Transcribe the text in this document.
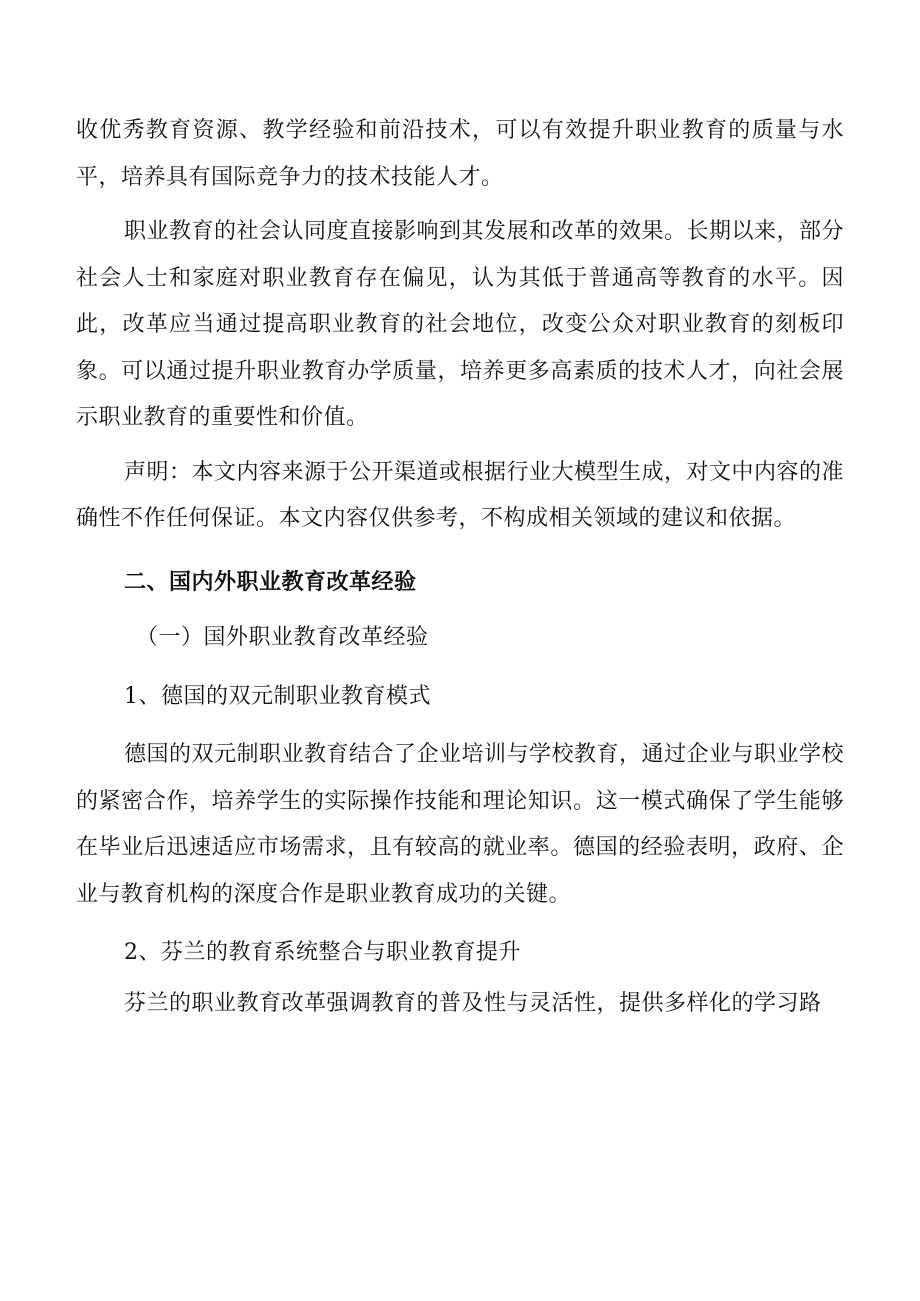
收优秀教育资源、教学经验和前沿技术，可以有效提升职业教育的质量与水平，培养具有国际竞争力的技术技能人才。

职业教育的社会认同度直接影响到其发展和改革的效果。长期以来，部分社会人士和家庭对职业教育存在偏见，认为其低于普通高等教育的水平。因此，改革应当通过提高职业教育的社会地位，改变公众对职业教育的刻板印象。可以通过提升职业教育办学质量，培养更多高素质的技术人才，向社会展示职业教育的重要性和价值。

声明：本文内容来源于公开渠道或根据行业大模型生成，对文中内容的准确性不作任何保证。本文内容仅供参考，不构成相关领域的建议和依据。

二、国内外职业教育改革经验

（一）国外职业教育改革经验

1、德国的双元制职业教育模式

德国的双元制职业教育结合了企业培训与学校教育，通过企业与职业学校的紧密合作，培养学生的实际操作技能和理论知识。这一模式确保了学生能够在毕业后迅速适应市场需求，且有较高的就业率。德国的经验表明，政府、企业与教育机构的深度合作是职业教育成功的关键。

2、芬兰的教育系统整合与职业教育提升

芬兰的职业教育改革强调教育的普及性与灵活性，提供多样化的学习路
